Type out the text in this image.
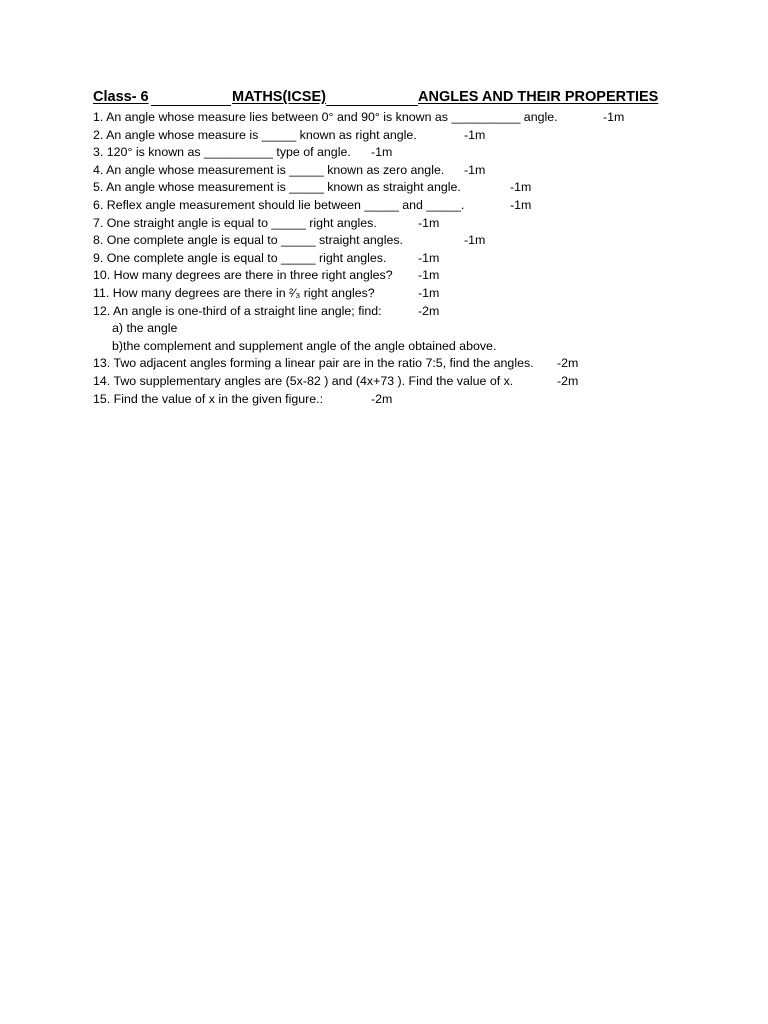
Class- 6	MATHS(ICSE)	ANGLES AND THEIR PROPERTIES
1. An angle whose measure lies between 0° and 90° is known as __________ angle.	-1m
2. An angle whose measure is _____ known as right angle.	-1m
3. 120° is known as __________ type of angle. -1m
4. An angle whose measurement is _____ known as zero angle. -1m
5. An angle whose measurement is _____ known as straight angle.	-1m
6. Reflex angle measurement should lie between _____ and _____.	-1m
7. One straight angle is equal to _____ right angles.	-1m
8. One complete angle is equal to _____ straight angles.	-1m
9. One complete angle is equal to _____ right angles.	-1m
10. How many degrees are there in three right angles? -1m
11. How many degrees are there in ²⁄₃ right angles?	-1m
12. An angle is one-third of a straight line angle; find:	-2m
a) the angle
b)the complement and supplement angle of the angle obtained above.
13. Two adjacent angles forming a linear pair are in the ratio 7:5, find the angles. -2m
14. Two supplementary angles are (5x-82 ) and (4x+73 ). Find the value of x.	-2m
15. Find the value of x in the given figure.:	-2m
